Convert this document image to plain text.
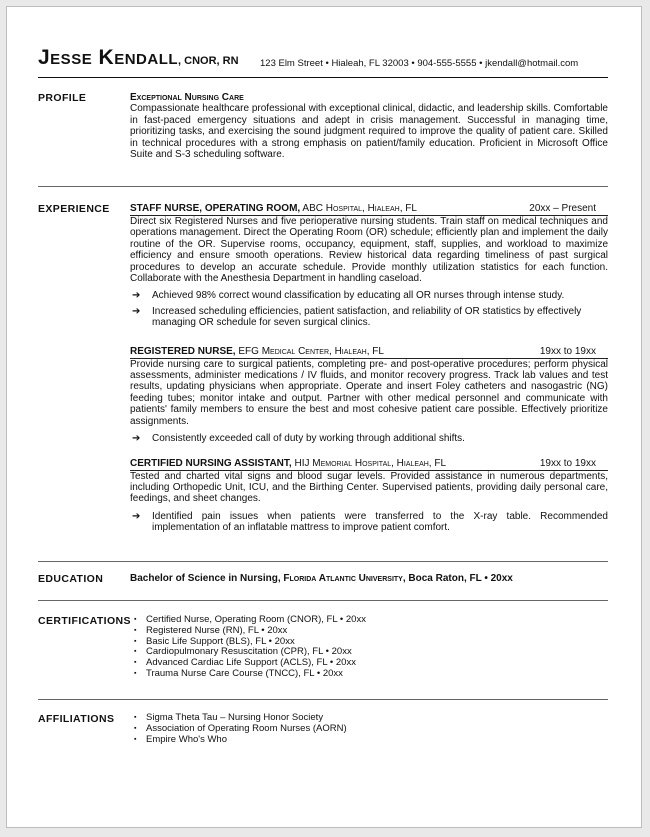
Jesse Kendall, CNOR, RN 123 Elm Street • Hialeah, FL 32003 • 904-555-5555 • jkendall@hotmail.com
PROFILE	Exceptional Nursing Care
Compassionate healthcare professional with exceptional clinical, didactic, and leadership skills. Comfortable in fast-paced emergency situations and adept in crisis management. Successful in managing time, prioritizing tasks, and exercising the sound judgment required to improve the quality of patient care. Skilled in technical procedures with a strong emphasis on patient/family education. Proficient in Microsoft Office Suite and S-3 scheduling software.
EXPERIENCE STAFF NURSE, OPERATING ROOM, ABC Hospital, Hialeah, FL	20xx – Present
Direct six Registered Nurses and five perioperative nursing students. Train staff on medical techniques and operations management. Direct the Operating Room (OR) schedule; efficiently plan and implement the daily routine of the OR. Supervise rooms, occupancy, equipment, staff, supplies, and workload to maximize efficiency and ensure smooth operations. Review historical data regarding timeliness of past surgical procedures to develop an accurate schedule. Provide monthly utilization statistics for each function. Collaborate with the Anesthesia Department in handling caseload.
➔ Achieved 98% correct wound classification by educating all OR nurses through intense study.
➔ Increased scheduling efficiencies, patient satisfaction, and reliability of OR statistics by effectively managing OR schedule for seven surgical clinics.
REGISTERED NURSE, EFG Medical Center, Hialeah, FL	19xx to 19xx
Provide nursing care to surgical patients, completing pre- and post-operative procedures; perform physical assessments, administer medications / IV fluids, and monitor recovery progress. Track lab values and test results, updating physicians when appropriate. Operate and insert Foley catheters and nasogastric (NG) feeding tubes; monitor intake and output. Partner with other medical personnel and communicate with patients' family members to ensure the best and most cohesive patient care possible. Effectively prioritize assignments.
➔ Consistently exceeded call of duty by working through additional shifts.
CERTIFIED NURSING ASSISTANT, HIJ Memorial Hospital, Hialeah, FL	19xx to 19xx
Tested and charted vital signs and blood sugar levels. Provided assistance in numerous departments, including Orthopedic Unit, ICU, and the Birthing Center. Supervised patients, providing daily personal care, feedings, and sheet changes.
➔ Identified pain issues when patients were transferred to the X-ray table. Recommended implementation of an inflatable mattress to improve patient comfort.
EDUCATION	Bachelor of Science in Nursing, Florida Atlantic University, Boca Raton, FL • 20xx
CERTIFICATIONS	▪ Certified Nurse, Operating Room (CNOR), FL • 20xx
▪ Registered Nurse (RN), FL • 20xx
▪ Basic Life Support (BLS), FL • 20xx
▪ Cardiopulmonary Resuscitation (CPR), FL • 20xx
▪ Advanced Cardiac Life Support (ACLS), FL • 20xx
▪ Trauma Nurse Care Course (TNCC), FL • 20xx
AFFILIATIONS	▪ Sigma Theta Tau – Nursing Honor Society
▪ Association of Operating Room Nurses (AORN)
▪ Empire Who's Who
